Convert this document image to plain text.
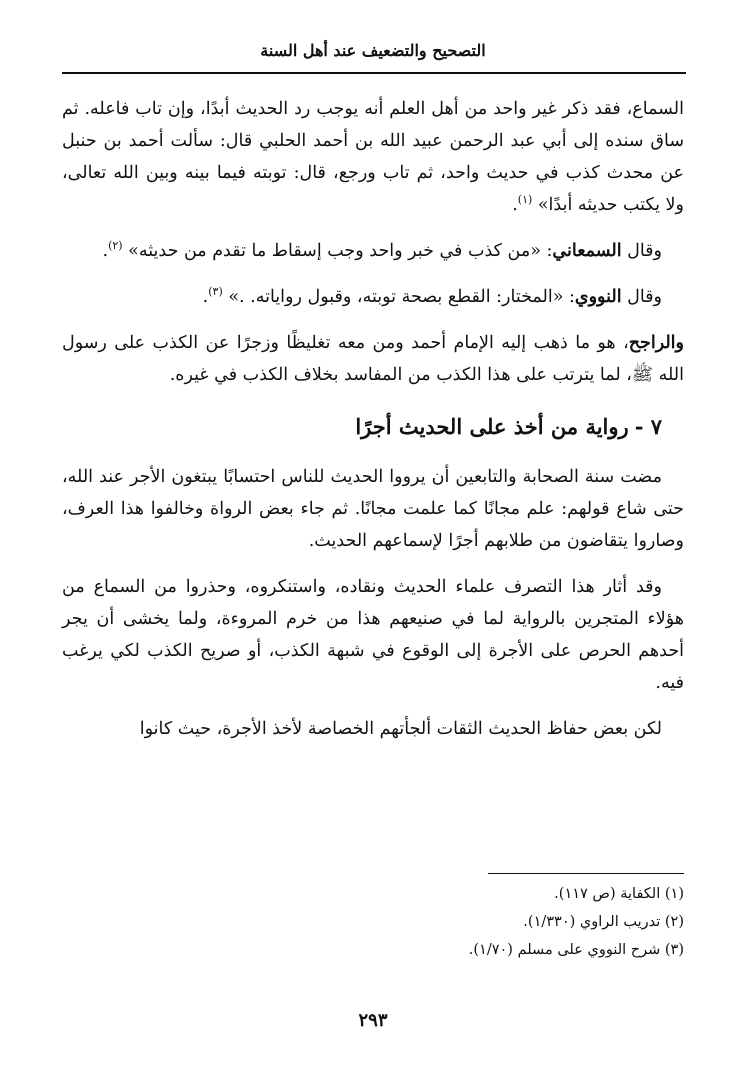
التصحيح والتضعيف عند أهل السنة

السماع، فقد ذكر غير واحد من أهل العلم أنه يوجب رد الحديث أبدًا، وإن تاب فاعله. ثم ساق سنده إلى أبي عبد الرحمن عبيد الله بن أحمد الحلبي قال: سألت أحمد بن حنبل عن محدث كذب في حديث واحد، ثم تاب ورجع، قال: توبته فيما بينه وبين الله تعالى، ولا يكتب حديثه أبدًا» $^{(١)}$.

وقال السمعاني: «من كذب في خبر واحد وجب إسقاط ما تقدم من حديثه» $^{(٢)}$.

وقال النووي: «المختار: القطع بصحة توبته، وقبول رواياته. .» $^{(٣)}$.

والراجح، هو ما ذهب إليه الإمام أحمد ومن معه تغليظًا وزجرًا عن الكذب على رسول الله ﷺ، لما يترتب على هذا الكذب من المفاسد بخلاف الكذب في غيره.

٧ -رواية من أخذ على الحديث أجرًا

مضت سنة الصحابة والتابعين أن يرووا الحديث للناس احتسابًا يبتغون الأجر عند الله، حتى شاع قولهم: علم مجانًا كما علمت مجانًا. ثم جاء بعض الرواة وخالفوا هذا العرف، وصاروا يتقاضون من طلابهم أجرًا لإسماعهم الحديث.

وقد أثار هذا التصرف علماء الحديث ونقاده، واستنكروه، وحذروا من السماع من هؤلاء المتجرين بالرواية لما في صنيعهم هذا من خرم المروءة، ولما يخشى أن يجر أحدهم الحرص على الأجرة إلى الوقوع في شبهة الكذب، أو صريح الكذب لكي يرغب فيه.

لكن بعض حفاظ الحديث الثقات ألجأتهم الخصاصة لأخذ الأجرة، حيث كانوا

(١) الكفاية (ص ١١٧).
(٢) تدريب الراوي (١/٣٣٠).
(٣) شرح النووي على مسلم (١/٧٠).
٢٩٣
